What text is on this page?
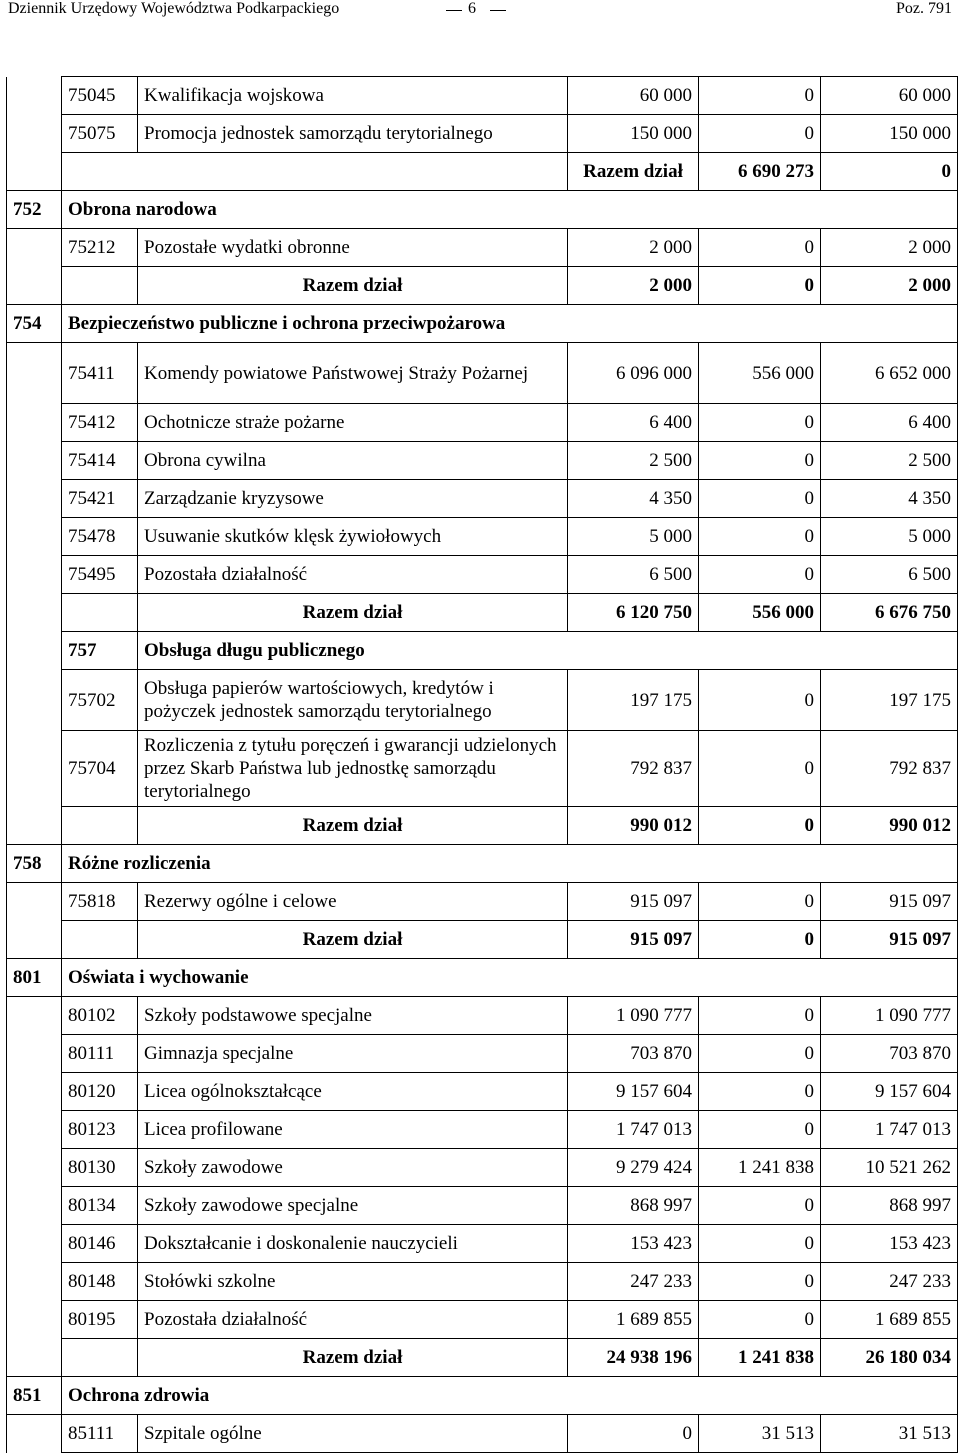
Dziennik Urzędowy Województwa Podkarpackiego	6	Poz. 791
	75045	Kwalifikacja wojskowa	60 000	0	60 000	
	75075	Promocja jednostek samorządu terytorialnego	150 000	0	150 000	
			Razem dział	6 690 273	0	
752	Obrona narodowa					
	75212	Pozostałe wydatki obronne	2 000	0	2 000	
		Razem dział	2 000	0	2 000	
754	Bezpieczeństwo publiczne i ochrona przeciwpożarowa					
	75411	Komendy powiatowe Państwowej Straży Pożarnej	6 096 000	556 000	6 652 000	
	75412	Ochotnicze straże pożarne	6 400	0	6 400	
	75414	Obrona cywilna	2 500	0	2 500	
	75421	Zarządzanie kryzysowe	4 350	0	4 350	
	75478	Usuwanie skutków klęsk żywiołowych	5 000	0	5 000	
	75495	Pozostała działalność	6 500	0	6 500	
		Razem dział	6 120 750	556 000	6 676 750	
	757	Obsługa długu publicznego				
	75702	Obsługa papierów wartościowych, kredytów i pożyczek jednostek samorządu terytorialnego	197 175	0	197 175	
	75704	Rozliczenia z tytułu poręczeń i gwarancji udzielonych przez Skarb Państwa lub jednostkę samorządu terytorialnego	792 837	0	792 837	
		Razem dział	990 012	0	990 012	
758	Różne rozliczenia					
	75818	Rezerwy ogólne i celowe	915 097	0	915 097	
		Razem dział	915 097	0	915 097	
801	Oświata i wychowanie					
	80102	Szkoły podstawowe specjalne	1 090 777	0	1 090 777	
	80111	Gimnazja specjalne	703 870	0	703 870	
	80120	Licea ogólnokształcące	9 157 604	0	9 157 604	
	80123	Licea profilowane	1 747 013	0	1 747 013	
	80130	Szkoły zawodowe	9 279 424	1 241 838	10 521 262	
	80134	Szkoły zawodowe specjalne	868 997	0	868 997	
	80146	Dokształcanie i doskonalenie nauczycieli	153 423	0	153 423	
	80148	Stołówki szkolne	247 233	0	247 233	
	80195	Pozostała działalność	1 689 855	0	1 689 855	
		Razem dział	24 938 196	1 241 838	26 180 034	
851	Ochrona zdrowia					
	85111	Szpitale ogólne	0	31 513	31 513	
